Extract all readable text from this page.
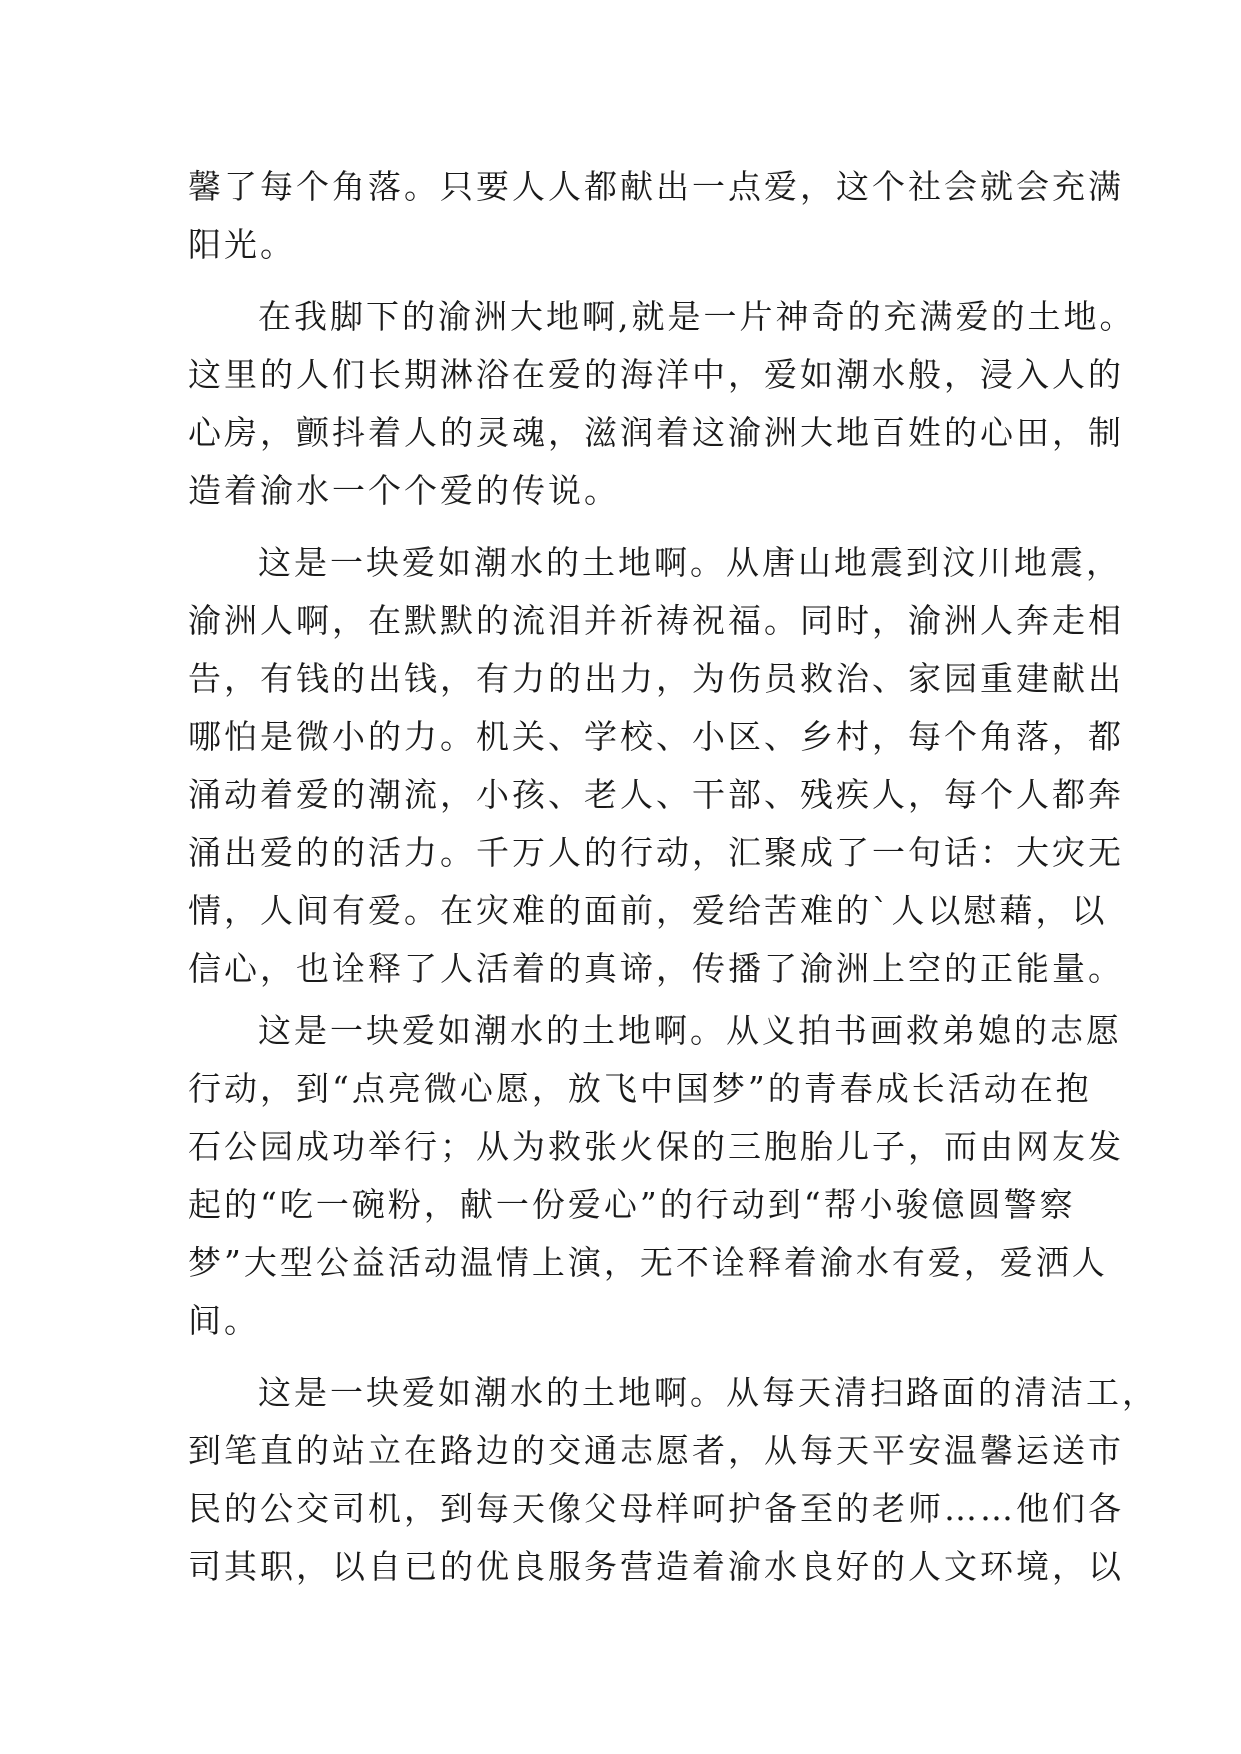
馨了每个角落。只要人人都献出一点爱，这个社会就会充满

阳光。

在我脚下的渝洲大地啊,就是一片神奇的充满爱的土地。

这里的人们长期淋浴在爱的海洋中，爱如潮水般，浸入人的

心房，颤抖着人的灵魂，滋润着这渝洲大地百姓的心田，制

造着渝水一个个爱的传说。

这是一块爱如潮水的土地啊。从唐山地震到汶川地震，

渝洲人啊，在默默的流泪并祈祷祝福。同时，渝洲人奔走相

告，有钱的出钱，有力的出力，为伤员救治、家园重建献出

哪怕是微小的力。机关、学校、小区、乡村，每个角落，都

涌动着爱的潮流，小孩、老人、干部、残疾人，每个人都奔

涌出爱的的活力。千万人的行动，汇聚成了一句话：大灾无

情，人间有爱。在灾难的面前，爱给苦难的`人以慰藉，以

信心，也诠释了人活着的真谛，传播了渝洲上空的正能量。

这是一块爱如潮水的土地啊。从义拍书画救弟媳的志愿

行动，到“点亮微心愿，放飞中国梦”的青春成长活动在抱

石公园成功举行；从为救张火保的三胞胎儿子，而由网友发

起的“吃一碗粉，献一份爱心”的行动到“帮小骏億圆警察

梦”大型公益活动温情上演，无不诠释着渝水有爱，爱洒人

间。

这是一块爱如潮水的土地啊。从每天清扫路面的清洁工，

到笔直的站立在路边的交通志愿者，从每天平安温馨运送市

民的公交司机，到每天像父母样呵护备至的老师……他们各

司其职，以自已的优良服务营造着渝水良好的人文环境，以
